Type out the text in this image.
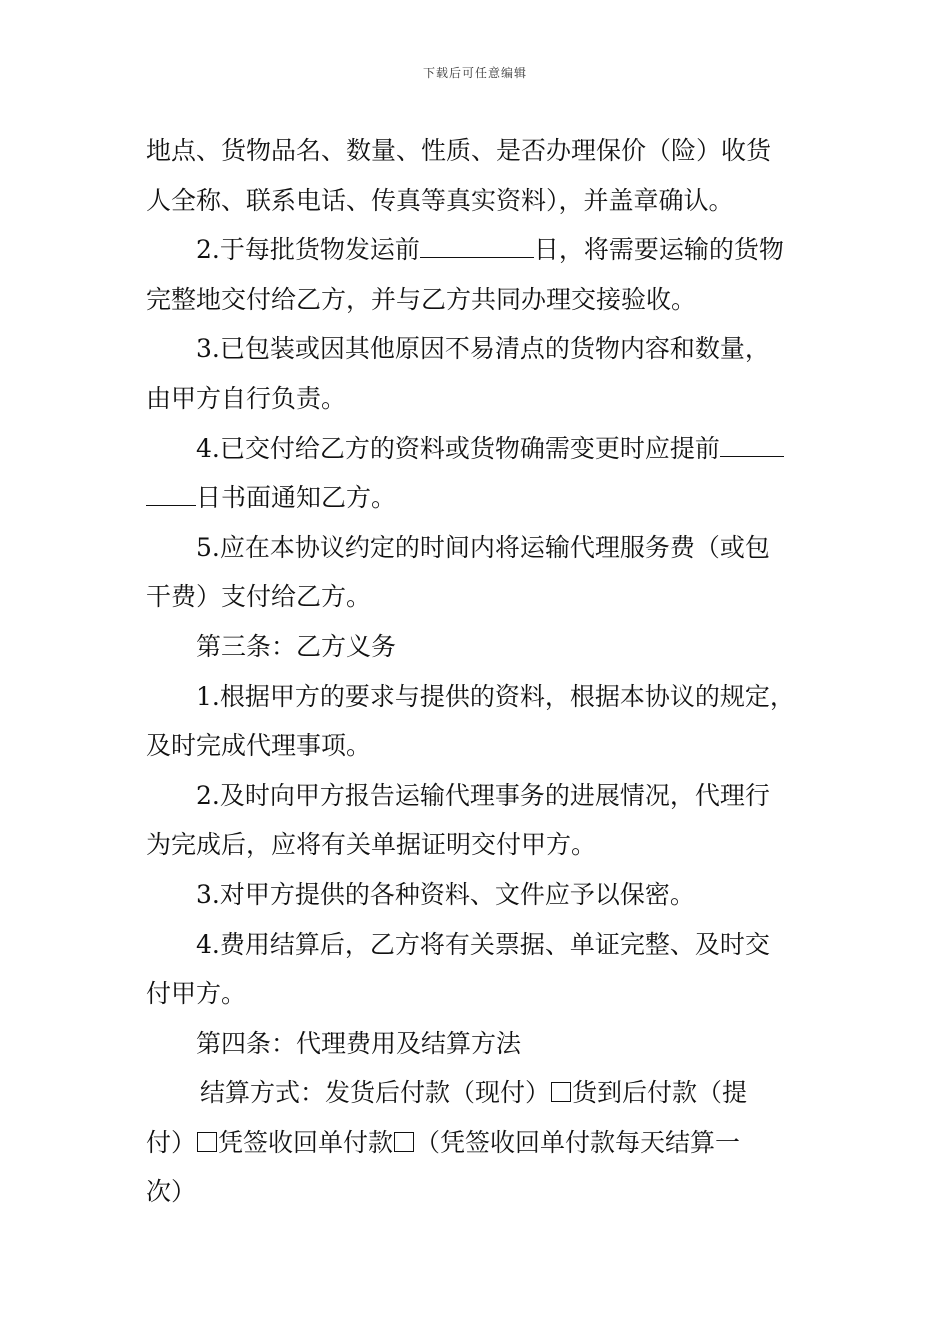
下载后可任意编辑
地点、货物品名、数量、性质、是否办理保价（险）收货
人全称、联系电话、传真等真实资料），并盖章确认。
2.于每批货物发运前	日，将需要运输的货物
完整地交付给乙方，并与乙方共同办理交接验收。
3.已包装或因其他原因不易清点的货物内容和数量，
由甲方自行负责。
4.已交付给乙方的资料或货物确需变更时应提前
日书面通知乙方。
5.应在本协议约定的时间内将运输代理服务费（或包
干费）支付给乙方。
第三条：乙方义务
1.根据甲方的要求与提供的资料，根据本协议的规定，
及时完成代理事项。
2.及时向甲方报告运输代理事务的进展情况，代理行
为完成后，应将有关单据证明交付甲方。
3.对甲方提供的各种资料、文件应予以保密。
4.费用结算后，乙方将有关票据、单证完整、及时交
付甲方。
第四条：代理费用及结算方法
结算方式：发货后付款（现付） 货到后付款（提
付） 凭签收回单付款 （凭签收回单付款每天结算一
次）
